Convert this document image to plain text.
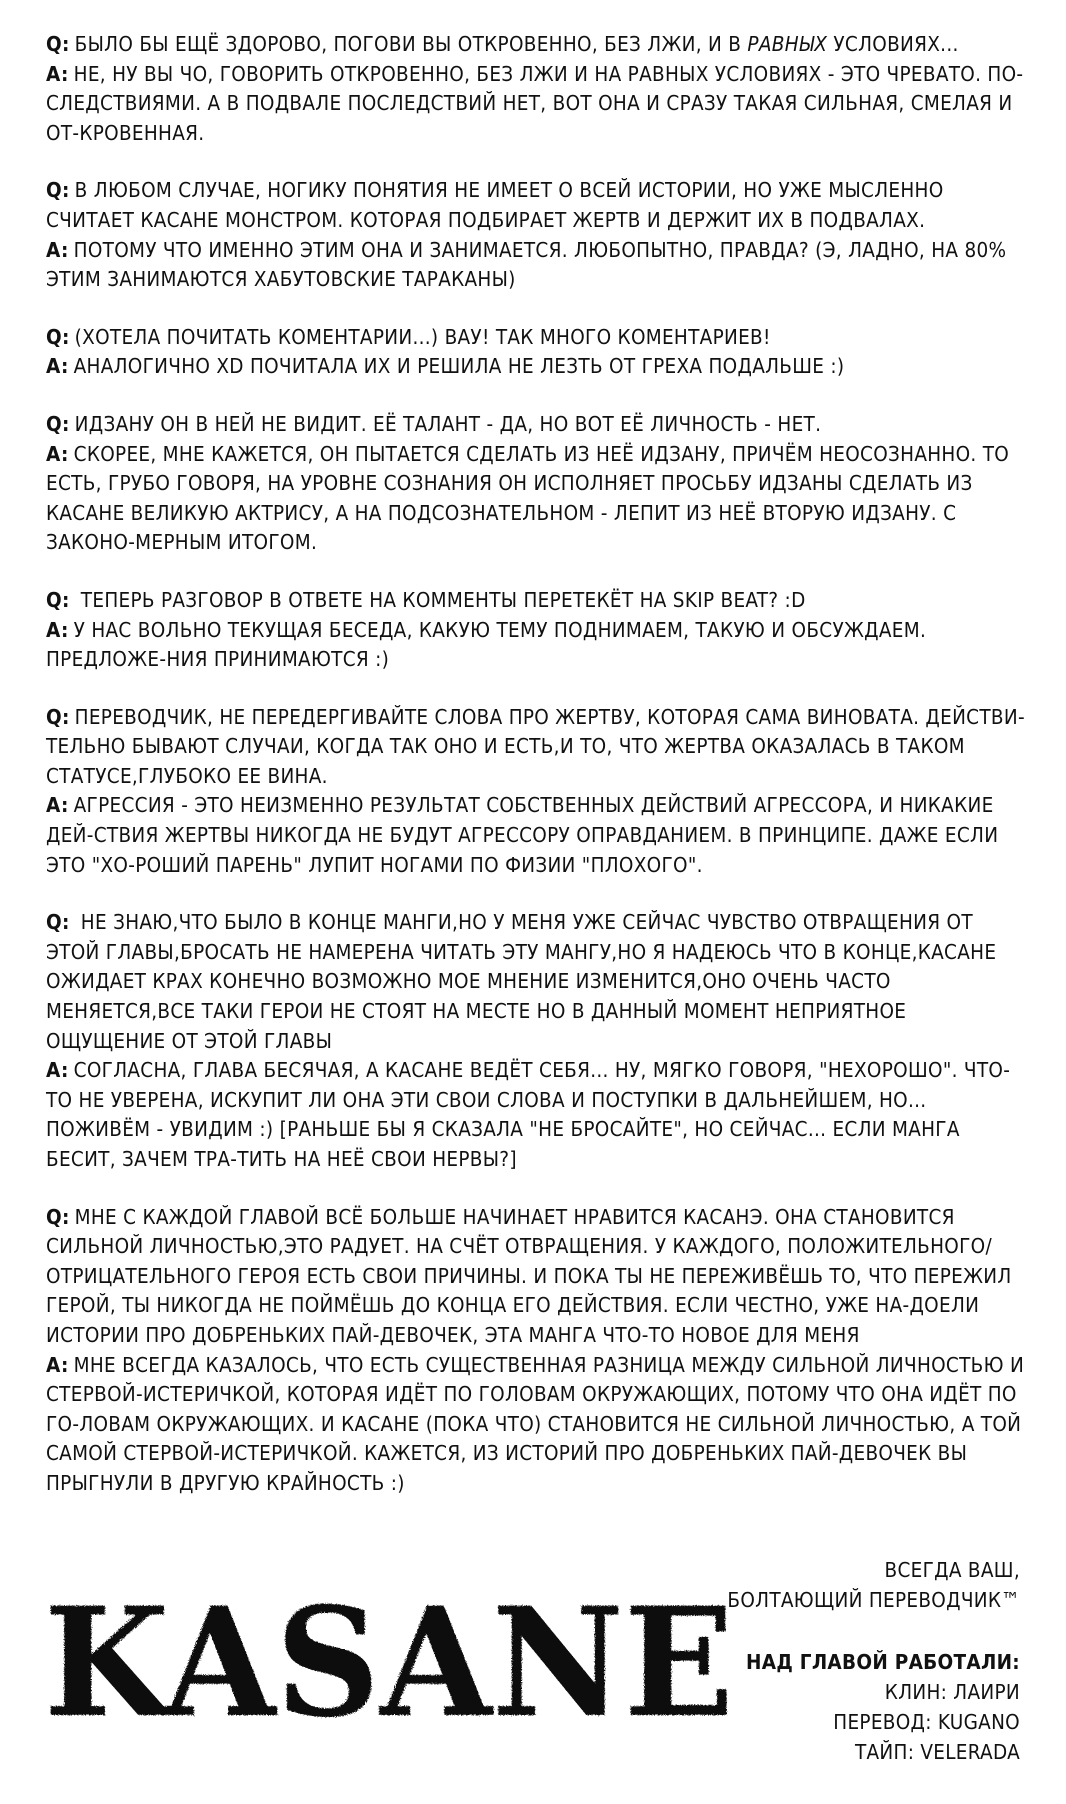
Q: БЫЛО БЫ ЕЩЁ ЗДОРОВО, ПОГОВИ ВЫ ОТКРОВЕННО, БЕЗ ЛЖИ, И В РАВНЫХ УСЛОВИЯХ...
A: НЕ, НУ ВЫ ЧО, ГОВОРИТЬ ОТКРОВЕННО, БЕЗ ЛЖИ И НА РАВНЫХ УСЛОВИЯХ - ЭТО ЧРЕВАТО. ПО-СЛЕДСТВИЯМИ. А В ПОДВАЛЕ ПОСЛЕДСТВИЙ НЕТ, ВОТ ОНА И СРАЗУ ТАКАЯ СИЛЬНАЯ, СМЕЛАЯ И ОТ-КРОВЕННАЯ.
Q: В ЛЮБОМ СЛУЧАЕ, НОГИКУ ПОНЯТИЯ НЕ ИМЕЕТ О ВСЕЙ ИСТОРИИ, НО УЖЕ МЫСЛЕННО СЧИТАЕТ КАСАНЕ МОНСТРОМ. КОТОРАЯ ПОДБИРАЕТ ЖЕРТВ И ДЕРЖИТ ИХ В ПОДВАЛАХ.
A: ПОТОМУ ЧТО ИМЕННО ЭТИМ ОНА И ЗАНИМАЕТСЯ. ЛЮБОПЫТНО, ПРАВДА? (Э, ЛАДНО, НА 80% ЭТИМ ЗАНИМАЮТСЯ ХАБУТОВСКИЕ ТАРАКАНЫ)
Q: (ХОТЕЛА ПОЧИТАТЬ КОМЕНТАРИИ...) ВАУ! ТАК МНОГО КОМЕНТАРИЕВ!
A: АНАЛОГИЧНО XD ПОЧИТАЛА ИХ И РЕШИЛА НЕ ЛЕЗТЬ ОТ ГРЕХА ПОДАЛЬШЕ :)
Q: ИДЗАНУ ОН В НЕЙ НЕ ВИДИТ. ЕЁ ТАЛАНТ - ДА, НО ВОТ ЕЁ ЛИЧНОСТЬ - НЕТ.
A: СКОРЕЕ, МНЕ КАЖЕТСЯ, ОН ПЫТАЕТСЯ СДЕЛАТЬ ИЗ НЕЁ ИДЗАНУ, ПРИЧЁМ НЕОСОЗНАННО. ТО ЕСТЬ, ГРУБО ГОВОРЯ, НА УРОВНЕ СОЗНАНИЯ ОН ИСПОЛНЯЕТ ПРОСЬБУ ИДЗАНЫ СДЕЛАТЬ ИЗ КАСАНЕ ВЕЛИКУЮ АКТРИСУ, А НА ПОДСОЗНАТЕЛЬНОМ - ЛЕПИТ ИЗ НЕЁ ВТОРУЮ ИДЗАНУ. С ЗАКОНО-МЕРНЫМ ИТОГОМ.
Q: ТЕПЕРЬ РАЗГОВОР В ОТВЕТЕ НА КОММЕНТЫ ПЕРЕТЕКЁТ НА SKIP BEAT? :D
A: У НАС ВОЛЬНО ТЕКУЩАЯ БЕСЕДА, КАКУЮ ТЕМУ ПОДНИМАЕМ, ТАКУЮ И ОБСУЖДАЕМ. ПРЕДЛОЖЕ-НИЯ ПРИНИМАЮТСЯ :)
Q: ПЕРЕВОДЧИК, НЕ ПЕРЕДЕРГИВАЙТЕ СЛОВА ПРО ЖЕРТВУ, КОТОРАЯ САМА ВИНОВАТА. ДЕЙСТВИ-ТЕЛЬНО БЫВАЮТ СЛУЧАИ, КОГДА ТАК ОНО И ЕСТЬ,И ТО, ЧТО ЖЕРТВА ОКАЗАЛАСЬ В ТАКОМ СТАТУСЕ,ГЛУБОКО ЕЕ ВИНА.
A: АГРЕССИЯ - ЭТО НЕИЗМЕННО РЕЗУЛЬТАТ СОБСТВЕННЫХ ДЕЙСТВИЙ АГРЕССОРА, И НИКАКИЕ ДЕЙ-СТВИЯ ЖЕРТВЫ НИКОГДА НЕ БУДУТ АГРЕССОРУ ОПРАВДАНИЕМ. В ПРИНЦИПЕ. ДАЖЕ ЕСЛИ ЭТО "ХО-РОШИЙ ПАРЕНЬ" ЛУПИТ НОГАМИ ПО ФИЗИИ "ПЛОХОГО".
Q: НЕ ЗНАЮ,ЧТО БЫЛО В КОНЦЕ МАНГИ,НО У МЕНЯ УЖЕ СЕЙЧАС ЧУВСТВО ОТВРАЩЕНИЯ ОТ ЭТОЙ ГЛАВЫ,БРОСАТЬ НЕ НАМЕРЕНА ЧИТАТЬ ЭТУ МАНГУ,НО Я НАДЕЮСЬ ЧТО В КОНЦЕ,КАСАНЕ ОЖИДАЕТ КРАХ КОНЕЧНО ВОЗМОЖНО МОЕ МНЕНИЕ ИЗМЕНИТСЯ,ОНО ОЧЕНЬ ЧАСТО МЕНЯЕТСЯ,ВСЕ ТАКИ ГЕРОИ НЕ СТОЯТ НА МЕСТЕ НО В ДАННЫЙ МОМЕНТ НЕПРИЯТНОЕ ОЩУЩЕНИЕ ОТ ЭТОЙ ГЛАВЫ
A: СОГЛАСНА, ГЛАВА БЕСЯЧАЯ, А КАСАНЕ ВЕДЁТ СЕБЯ... НУ, МЯГКО ГОВОРЯ, "НЕХОРОШО". ЧТО-ТО НЕ УВЕРЕНА, ИСКУПИТ ЛИ ОНА ЭТИ СВОИ СЛОВА И ПОСТУПКИ В ДАЛЬНЕЙШЕМ, НО... ПОЖИВЁМ - УВИДИМ :) [РАНЬШЕ БЫ Я СКАЗАЛА "НЕ БРОСАЙТЕ", НО СЕЙЧАС... ЕСЛИ МАНГА БЕСИТ, ЗАЧЕМ ТРА-ТИТЬ НА НЕЁ СВОИ НЕРВЫ?]
Q: МНЕ С КАЖДОЙ ГЛАВОЙ ВСЁ БОЛЬШЕ НАЧИНАЕТ НРАВИТСЯ КАСАНЭ. ОНА СТАНОВИТСЯ СИЛЬНОЙ ЛИЧНОСТЬЮ,ЭТО РАДУЕТ. НА СЧЁТ ОТВРАЩЕНИЯ. У КАЖДОГО, ПОЛОЖИТЕЛЬНОГО/ОТРИЦАТЕЛЬНОГО ГЕРОЯ ЕСТЬ СВОИ ПРИЧИНЫ. И ПОКА ТЫ НЕ ПЕРЕЖИВЁШЬ ТО, ЧТО ПЕРЕЖИЛ ГЕРОЙ, ТЫ НИКОГДА НЕ ПОЙМЁШЬ ДО КОНЦА ЕГО ДЕЙСТВИЯ. ЕСЛИ ЧЕСТНО, УЖЕ НА-ДОЕЛИ ИСТОРИИ ПРО ДОБРЕНЬКИХ ПАЙ-ДЕВОЧЕК, ЭТА МАНГА ЧТО-ТО НОВОЕ ДЛЯ МЕНЯ
A: МНЕ ВСЕГДА КАЗАЛОСЬ, ЧТО ЕСТЬ СУЩЕСТВЕННАЯ РАЗНИЦА МЕЖДУ СИЛЬНОЙ ЛИЧНОСТЬЮ И СТЕРВОЙ-ИСТЕРИЧКОЙ, КОТОРАЯ ИДЁТ ПО ГОЛОВАМ ОКРУЖАЮЩИХ, ПОТОМУ ЧТО ОНА ИДЁТ ПО ГО-ЛОВАМ ОКРУЖАЮЩИХ. И КАСАНЕ (ПОКА ЧТО) СТАНОВИТСЯ НЕ СИЛЬНОЙ ЛИЧНОСТЬЮ, А ТОЙ САМОЙ СТЕРВОЙ-ИСТЕРИЧКОЙ. КАЖЕТСЯ, ИЗ ИСТОРИЙ ПРО ДОБРЕНЬКИХ ПАЙ-ДЕВОЧЕК ВЫ ПРЫГНУЛИ В ДРУГУЮ КРАЙНОСТЬ :)
KASANE
ВСЕГДА ВАШ,
БОЛТАЮЩИЙ ПЕРЕВОДЧИК™
НАД ГЛАВОЙ РАБОТАЛИ:
КЛИН: ЛАИРИ
ПЕРЕВОД: KUGANO
ТАЙП: VELERADA
